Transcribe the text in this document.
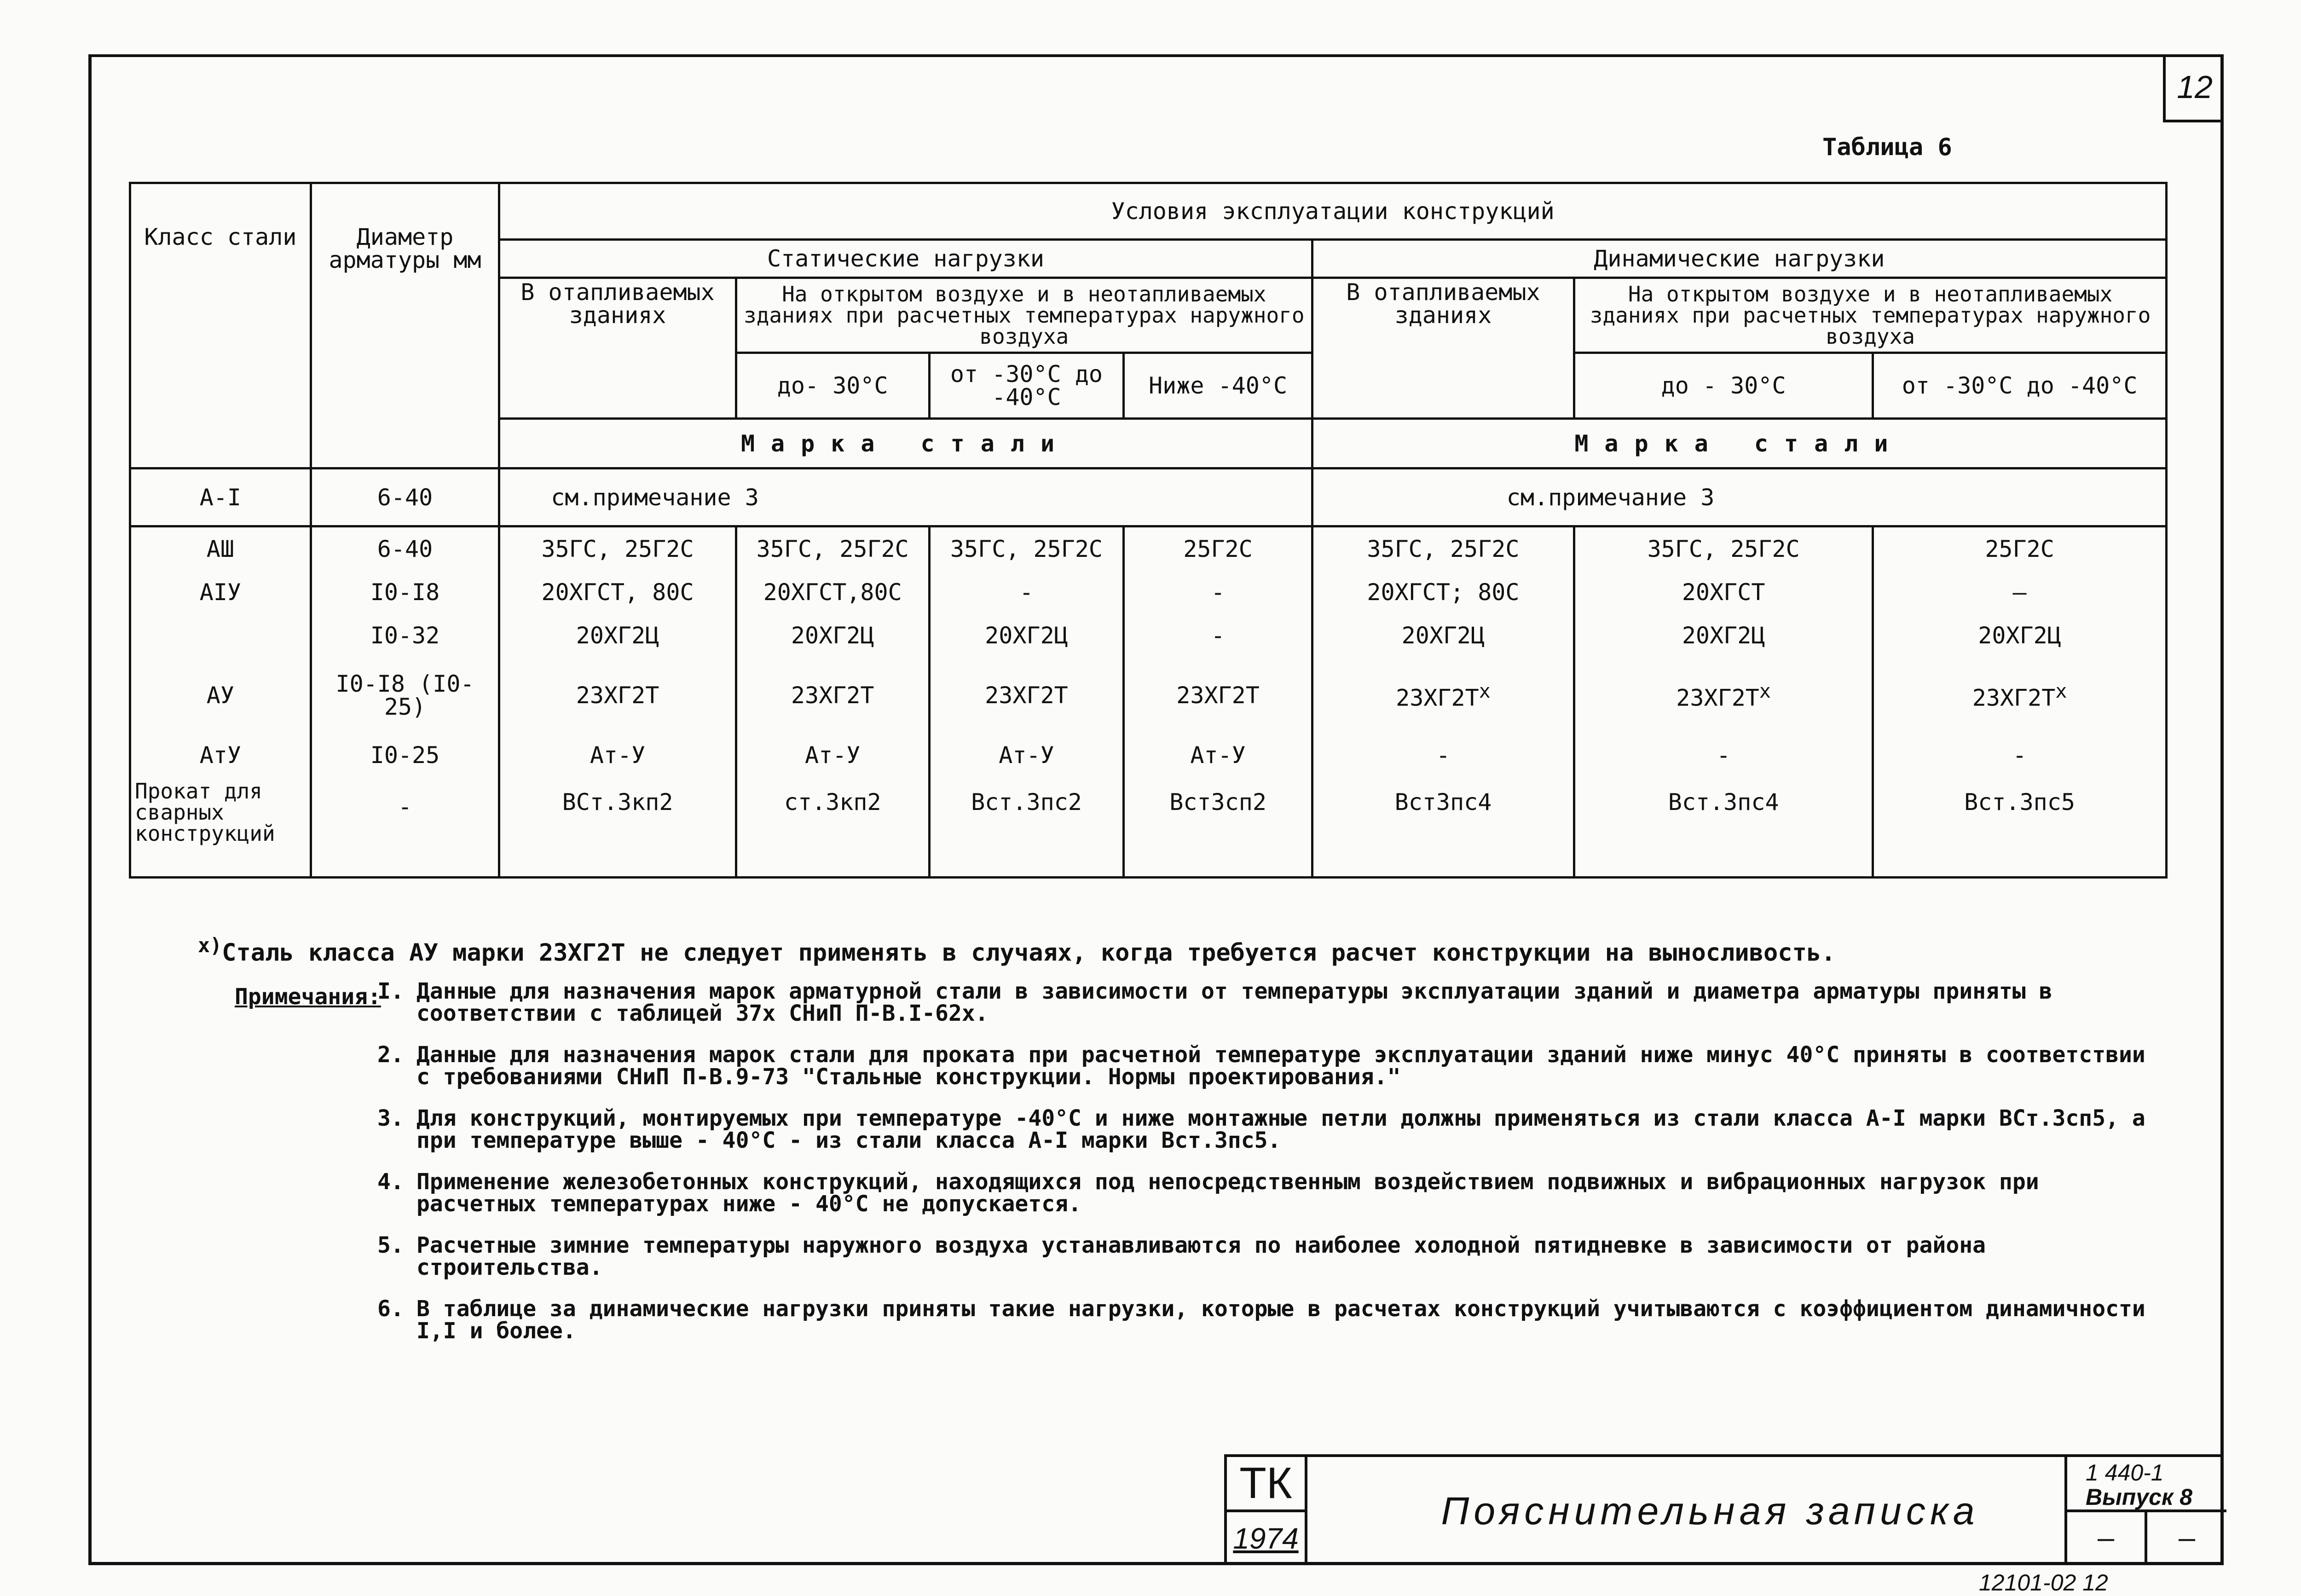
12
Таблица 6
Класс стали	Диаметр арматуры мм	Условия эксплуатации конструкций						
		Статические нагрузки				Динамические нагрузки		
		В отапливаемых зданиях	На открытом воздухе и в неотапливаемых зданиях при расчетных температурах наружного воздуха			В отапливаемых зданиях	На открытом воздухе и в неотапливаемых зданиях при расчетных температурах наружного воздуха	
			до- 30°С	от -30°С до -40°С	Ниже -40°С		до - 30°С	от -30°С до -40°С
		Марка стали				Марка стали		
А-I	6-40	см.примечание 3				см.примечание 3		
АШ	6-40	35ГС, 25Г2С	35ГС, 25Г2С	35ГС, 25Г2С	25Г2С	35ГС, 25Г2С	35ГС, 25Г2С	25Г2С
АIУ	I0-I8	20ХГСТ, 80С	20ХГСТ,80С	-	-	20ХГСТ; 80С	20ХГСТ	—
	I0-32	20ХГ2Ц	20ХГ2Ц	20ХГ2Ц	-	20ХГ2Ц	20ХГ2Ц	20ХГ2Ц
АУ	I0-I8 (I0-25)	23ХГ2Т	23ХГ2Т	23ХГ2Т	23ХГ2Т	$23ХГ2Т^x$	$23ХГ2Т^x$	$23ХГ2Т^x$
АтУ	I0-25	Ат-У	Ат-У	Ат-У	Ат-У	-	-	-
Прокат для сварных конструкций	-	ВСт.3кп2	ст.3кп2	Вст.3пс2	ВстЗсп2	ВстЗпс4	Вст.3пс4	Вст.3пс5
$^{x)}$Сталь класса АУ марки 23ХГ2Т не следует применять в случаях, когда требуется расчет конструкции на выносливость.
Примечания:
I. Данные для назначения марок арматурной стали в зависимости от температуры эксплуатации зданий и диаметра арматуры приняты в соответствии с таблицей 37х СНиП П-В.I-62х.
2. Данные для назначения марок стали для проката при расчетной температуре эксплуатации зданий ниже минус 40°С приняты в соответствии с требованиями СНиП П-В.9-73 "Стальные конструкции. Нормы проектирования."
3. Для конструкций, монтируемых при температуре -40°С и ниже монтажные петли должны применяться из стали класса А-I марки ВСт.3сп5, а при температуре выше - 40°С - из стали класса А-I марки Вст.3пс5.
4. Применение железобетонных конструкций, находящихся под непосредственным воздействием подвижных и вибрационных нагрузок при расчетных температурах ниже - 40°С не допускается.
5. Расчетные зимние температуры наружного воздуха устанавливаются по наиболее холодной пятидневке в зависимости от района строительства.
6. В таблице за динамические нагрузки приняты такие нагрузки, которые в расчетах конструкций учитываются с коэффициентом динамичности I,I и более.
ТК
1974
Пояснительная записка
1 440-1
Выпуск 8
—	—
12101-02 12
